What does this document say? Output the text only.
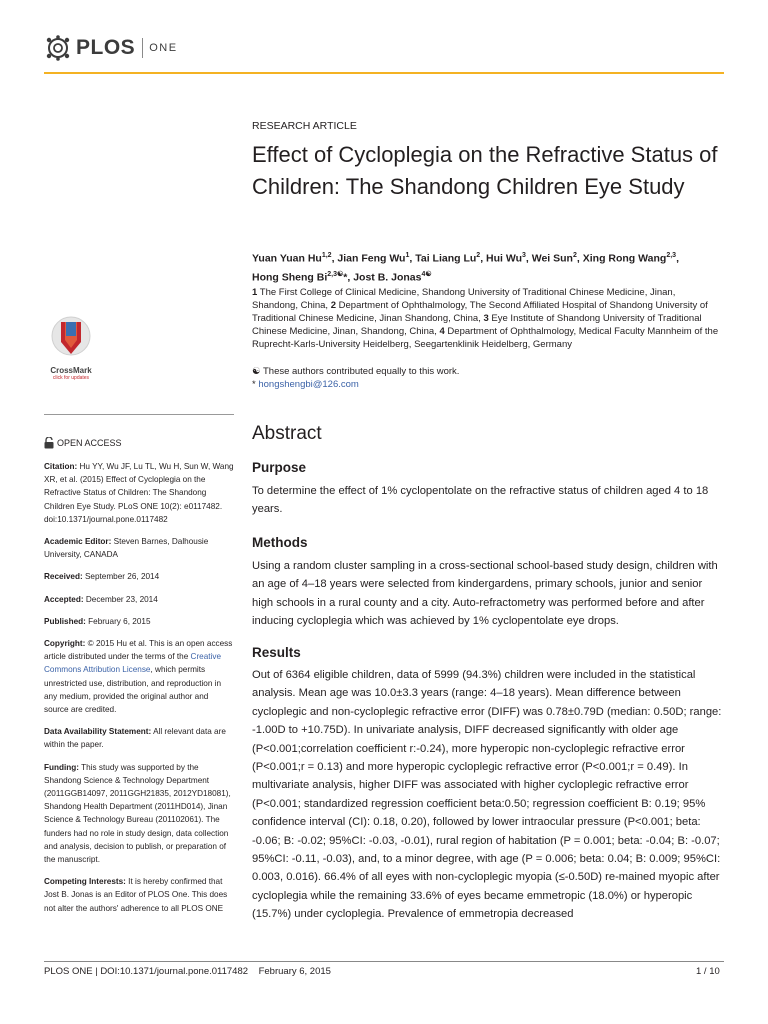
PLOS ONE
RESEARCH ARTICLE
Effect of Cycloplegia on the Refractive Status of Children: The Shandong Children Eye Study
Yuan Yuan Hu$^{1,2}$, Jian Feng Wu$^1$, Tai Liang Lu$^2$, Hui Wu$^3$, Wei Sun$^2$, Xing Rong Wang$^{2,3}$,
Hong Sheng $Bi^{2,3☯}*$, Jost B. Jonas$^{4☯}$
1 The First College of Clinical Medicine, Shandong University of Traditional Chinese Medicine, Jinan, Shandong, China, 2 Department of Ophthalmology, The Second Affiliated Hospital of Shandong University of Traditional Chinese Medicine, Jinan Shandong, China, 3 Eye Institute of Shandong University of Traditional Chinese Medicine, Jinan, Shandong, China, 4 Department of Ophthalmology, Medical Faculty Mannheim of the Ruprecht-Karls-University Heidelberg, Seegartenklinik Heidelberg, Germany
☯ These authors contributed equally to this work.
* hongshengbi@126.com
CrossMark
click for updates
OPEN ACCESS

Citation: Hu YY, Wu JF, Lu TL, Wu H, Sun W, Wang XR, et al. (2015) Effect of Cycloplegia on the Refractive Status of Children: The Shandong Children Eye Study. PLoS ONE 10(2): e0117482. doi:10.1371/journal.pone.0117482

Academic Editor: Steven Barnes, Dalhousie University, CANADA

Received: September 26, 2014

Accepted: December 23, 2014

Published: February 6, 2015

Copyright: © 2015 Hu et al. This is an open access article distributed under the terms of the Creative Commons Attribution License, which permits unrestricted use, distribution, and reproduction in any medium, provided the original author and source are credited.

Data Availability Statement: All relevant data are within the paper.

Funding: This study was supported by the Shandong Science & Technology Department (2011GGB14097, 2011GGH21835, 2012YD18081), Shandong Health Department (2011HD014), Jinan Science & Technology Bureau (201102061). The funders had no role in study design, data collection and analysis, decision to publish, or preparation of the manuscript.

Competing Interests: It is hereby confirmed that Jost B. Jonas is an Editor of PLOS One. This does not alter the authors' adherence to all PLOS ONE

Abstract
Purpose
To determine the effect of 1% cyclopentolate on the refractive status of children aged 4 to 18 years.
Methods
Using a random cluster sampling in a cross-sectional school-based study design, children with an age of 4–18 years were selected from kindergardens, primary schools, junior and senior high schools in a rural county and a city. Auto-refractometry was performed before and after inducing cycloplegia which was achieved by 1% cyclopentolate eye drops.
Results
Out of 6364 eligible children, data of 5999 (94.3%) children were included in the statistical analysis. Mean age was 10.0±3.3 years (range: 4–18 years). Mean difference between cycloplegic and non-cycloplegic refractive error (DIFF) was 0.78±0.79D (median: 0.50D; range: -1.00D to +10.75D). In univariate analysis, DIFF decreased significantly with older age (P<0.001;correlation coefficient r:-0.24), more hyperopic non-cycloplegic refractive error (P<0.001;r = 0.13) and more hyperopic cycloplegic refractive error (P<0.001;r = 0.49). In multivariate analysis, higher DIFF was associated with higher cycloplegic refractive error (P<0.001; standardized regression coefficient beta:0.50; regression coefficient B: 0.19; 95% confidence interval (CI): 0.18, 0.20), followed by lower intraocular pressure (P<0.001; beta: -0.06; B: -0.02; 95%CI: -0.03, -0.01), rural region of habitation (P = 0.001; beta: -0.04; B: -0.07; 95%CI: -0.11, -0.03), and, to a minor degree, with age (P = 0.006; beta: 0.04; B: 0.009; 95%CI: 0.003, 0.016). 66.4% of all eyes with non-cycloplegic myopia (≤-0.50D) re-mained myopic after cycloplegia while the remaining 33.6% of eyes became emmetropic (18.0%) or hyperopic (15.7%) under cycloplegia. Prevalence of emmetropia decreased
PLOS ONE | DOI:10.1371/journal.pone.0117482    February 6, 2015	1 / 10
